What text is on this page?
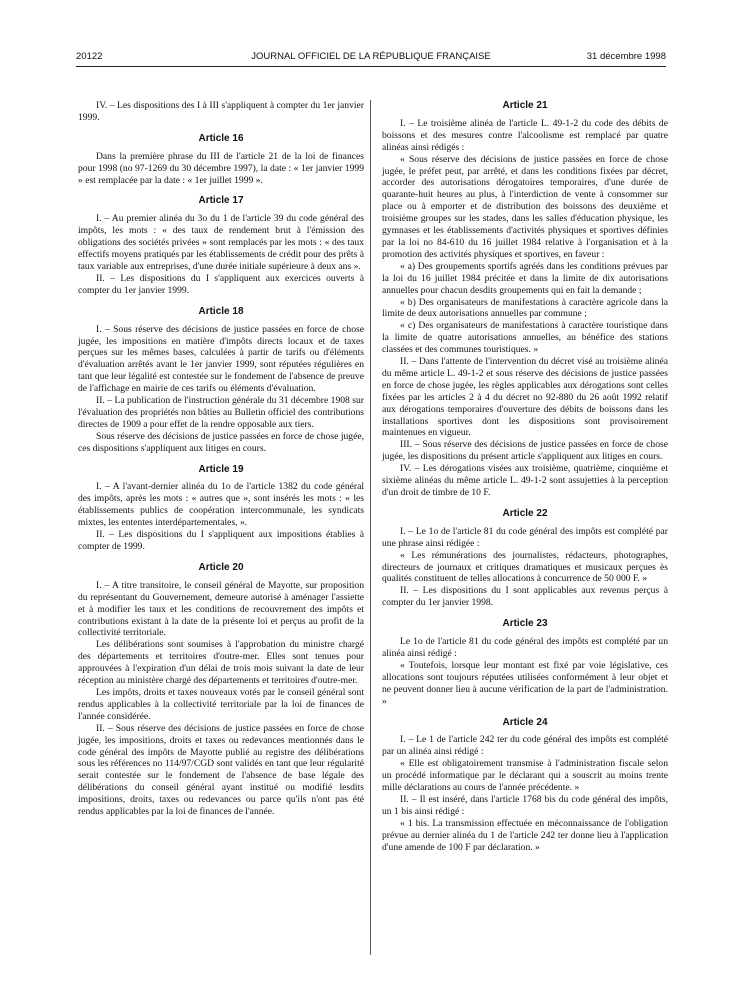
20122	JOURNAL OFFICIEL DE LA RÉPUBLIQUE FRANÇAISE	31 décembre 1998

IV. – Les dispositions des I à III s'appliquent à compter du 1er janvier 1999.

Article 16

Dans la première phrase du III de l'article 21 de la loi de finances pour 1998 (no 97-1269 du 30 décembre 1997), la date : « 1er janvier 1999 » est remplacée par la date : « 1er juillet 1999 ».

Article 17

I. – Au premier alinéa du 3o du 1 de l'article 39 du code général des impôts, les mots : « des taux de rendement brut à l'émission des obligations des sociétés privées » sont remplacés par les mots : « des taux effectifs moyens pratiqués par les établissements de crédit pour des prêts à taux variable aux entreprises, d'une durée initiale supérieure à deux ans ».

II. – Les dispositions du I s'appliquent aux exercices ouverts à compter du 1er janvier 1999.

Article 18

I. – Sous réserve des décisions de justice passées en force de chose jugée, les impositions en matière d'impôts directs locaux et de taxes perçues sur les mêmes bases, calculées à partir de tarifs ou d'éléments d'évaluation arrêtés avant le 1er janvier 1999, sont réputées régulières en tant que leur légalité est contestée sur le fondement de l'absence de preuve de l'affichage en mairie de ces tarifs ou éléments d'évaluation.

II. – La publication de l'instruction générale du 31 décembre 1908 sur l'évaluation des propriétés non bâties au Bulletin officiel des contributions directes de 1909 a pour effet de la rendre opposable aux tiers.

Sous réserve des décisions de justice passées en force de chose jugée, ces dispositions s'appliquent aux litiges en cours.

Article 19

I. – A l'avant-dernier alinéa du 1o de l'article 1382 du code général des impôts, après les mots : « autres que », sont insérés les mots : « les établissements publics de coopération intercommunale, les syndicats mixtes, les ententes interdépartementales, ».

II. – Les dispositions du I s'appliquent aux impositions établies à compter de 1999.

Article 20

I. – A titre transitoire, le conseil général de Mayotte, sur proposition du représentant du Gouvernement, demeure autorisé à aménager l'assiette et à modifier les taux et les conditions de recouvrement des impôts et contributions existant à la date de la présente loi et perçus au profit de la collectivité territoriale.

Les délibérations sont soumises à l'approbation du ministre chargé des départements et territoires d'outre-mer. Elles sont tenues pour approuvées à l'expiration d'un délai de trois mois suivant la date de leur réception au ministère chargé des départements et territoires d'outre-mer.

Les impôts, droits et taxes nouveaux votés par le conseil général sont rendus applicables à la collectivité territoriale par la loi de finances de l'année considérée.

II. – Sous réserve des décisions de justice passées en force de chose jugée, les impositions, droits et taxes ou redevances mentionnés dans le code général des impôts de Mayotte publié au registre des délibérations sous les références no 114/97/CGD sont validés en tant que leur régularité serait contestée sur le fondement de l'absence de base légale des délibérations du conseil général ayant institué ou modifié lesdits impositions, droits, taxes ou redevances ou parce qu'ils n'ont pas été rendus applicables par la loi de finances de l'année.

Article 21

I. – Le troisième alinéa de l'article L. 49-1-2 du code des débits de boissons et des mesures contre l'alcoolisme est remplacé par quatre alinéas ainsi rédigés :

« Sous réserve des décisions de justice passées en force de chose jugée, le préfet peut, par arrêté, et dans les conditions fixées par décret, accorder des autorisations dérogatoires temporaires, d'une durée de quarante-huit heures au plus, à l'interdiction de vente à consommer sur place ou à emporter et de distribution des boissons des deuxième et troisième groupes sur les stades, dans les salles d'éducation physique, les gymnases et les établissements d'activités physiques et sportives définies par la loi no 84-610 du 16 juillet 1984 relative à l'organisation et à la promotion des activités physiques et sportives, en faveur :

« a) Des groupements sportifs agréés dans les conditions prévues par la loi du 16 juillet 1984 précitée et dans la limite de dix autorisations annuelles pour chacun desdits groupements qui en fait la demande ;

« b) Des organisateurs de manifestations à caractère agricole dans la limite de deux autorisations annuelles par commune ;

« c) Des organisateurs de manifestations à caractère touristique dans la limite de quatre autorisations annuelles, au bénéfice des stations classées et des communes touristiques. »

II. – Dans l'attente de l'intervention du décret visé au troisième alinéa du même article L. 49-1-2 et sous réserve des décisions de justice passées en force de chose jugée, les règles applicables aux dérogations sont celles fixées par les articles 2 à 4 du décret no 92-880 du 26 août 1992 relatif aux dérogations temporaires d'ouverture des débits de boissons dans les installations sportives dont les dispositions sont provisoirement maintenues en vigueur.

III. – Sous réserve des décisions de justice passées en force de chose jugée, les dispositions du présent article s'appliquent aux litiges en cours.

IV. – Les dérogations visées aux troisième, quatrième, cinquième et sixième alinéas du même article L. 49-1-2 sont assujetties à la perception d'un droit de timbre de 10 F.

Article 22

I. – Le 1o de l'article 81 du code général des impôts est complété par une phrase ainsi rédigée :

« Les rémunérations des journalistes, rédacteurs, photographes, directeurs de journaux et critiques dramatiques et musicaux perçues ès qualités constituent de telles allocations à concurrence de 50 000 F. »

II. – Les dispositions du I sont applicables aux revenus perçus à compter du 1er janvier 1998.

Article 23

Le 1o de l'article 81 du code général des impôts est complété par un alinéa ainsi rédigé :

« Toutefois, lorsque leur montant est fixé par voie législative, ces allocations sont toujours réputées utilisées conformément à leur objet et ne peuvent donner lieu à aucune vérification de la part de l'administration. »

Article 24

I. – Le 1 de l'article 242 ter du code général des impôts est complété par un alinéa ainsi rédigé :

« Elle est obligatoirement transmise à l'administration fiscale selon un procédé informatique par le déclarant qui a souscrit au moins trente mille déclarations au cours de l'année précédente. »

II. – Il est inséré, dans l'article 1768 bis du code général des impôts, un 1 bis ainsi rédigé :

« 1 bis. La transmission effectuée en méconnaissance de l'obligation prévue au dernier alinéa du 1 de l'article 242 ter donne lieu à l'application d'une amende de 100 F par déclaration. »
